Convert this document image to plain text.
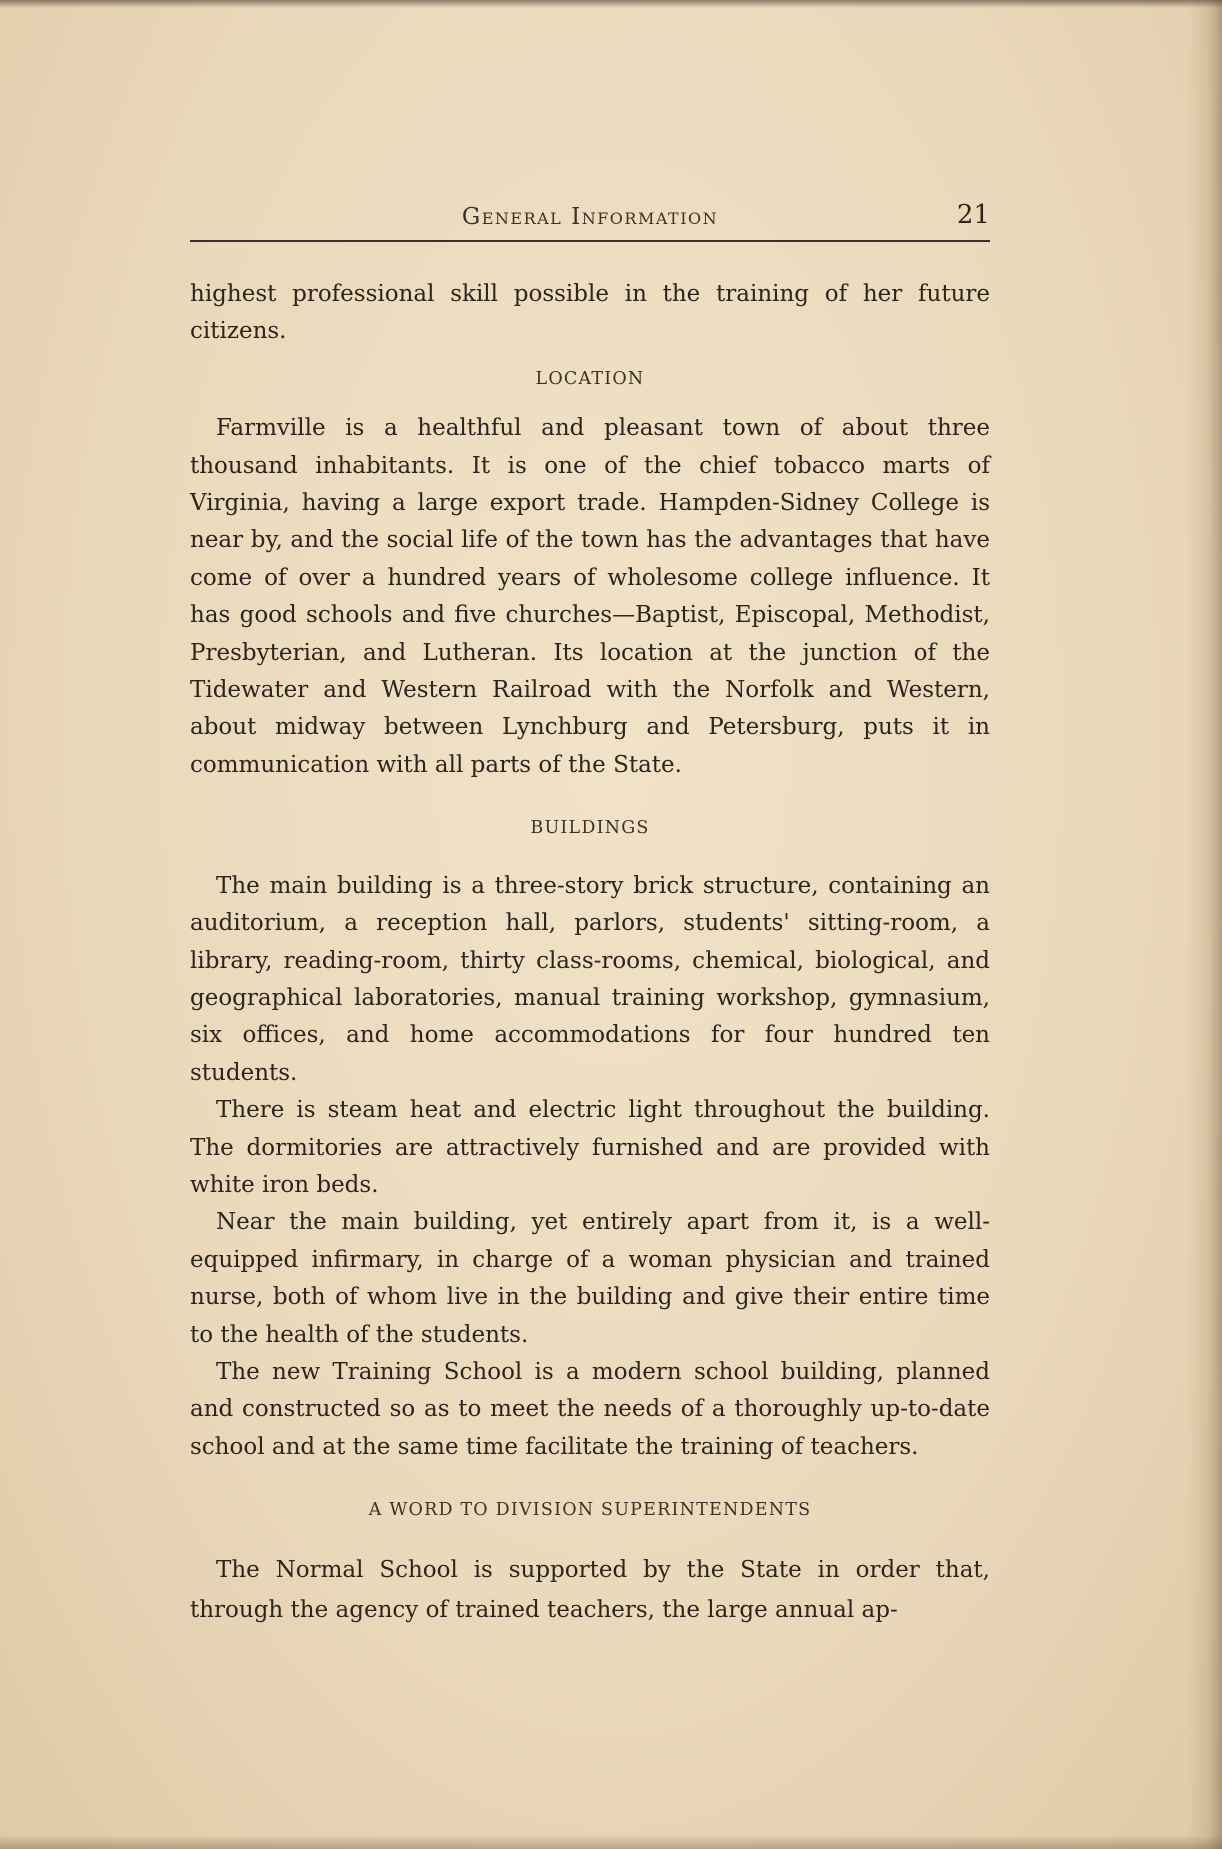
General Information	21

highest professional skill possible in the training of her future citizens.

LOCATION

Farmville is a healthful and pleasant town of about three thousand inhabitants. It is one of the chief tobacco marts of Virginia, having a large export trade. Hampden-Sidney College is near by, and the social life of the town has the advantages that have come of over a hundred years of wholesome college influence. It has good schools and five churches—Baptist, Episcopal, Methodist, Presbyterian, and Lutheran. Its location at the junction of the Tidewater and Western Railroad with the Norfolk and Western, about midway between Lynchburg and Petersburg, puts it in communication with all parts of the State.

BUILDINGS

The main building is a three-story brick structure, containing an auditorium, a reception hall, parlors, students' sitting-room, a library, reading-room, thirty class-rooms, chemical, biological, and geographical laboratories, manual training workshop, gymnasium, six offices, and home accommodations for four hundred ten students.

There is steam heat and electric light throughout the building. The dormitories are attractively furnished and are provided with white iron beds.

Near the main building, yet entirely apart from it, is a well-equipped infirmary, in charge of a woman physician and trained nurse, both of whom live in the building and give their entire time to the health of the students.

The new Training School is a modern school building, planned and constructed so as to meet the needs of a thoroughly up-to-date school and at the same time facilitate the training of teachers.

A WORD TO DIVISION SUPERINTENDENTS

The Normal School is supported by the State in order that, through the agency of trained teachers, the large annual ap-
